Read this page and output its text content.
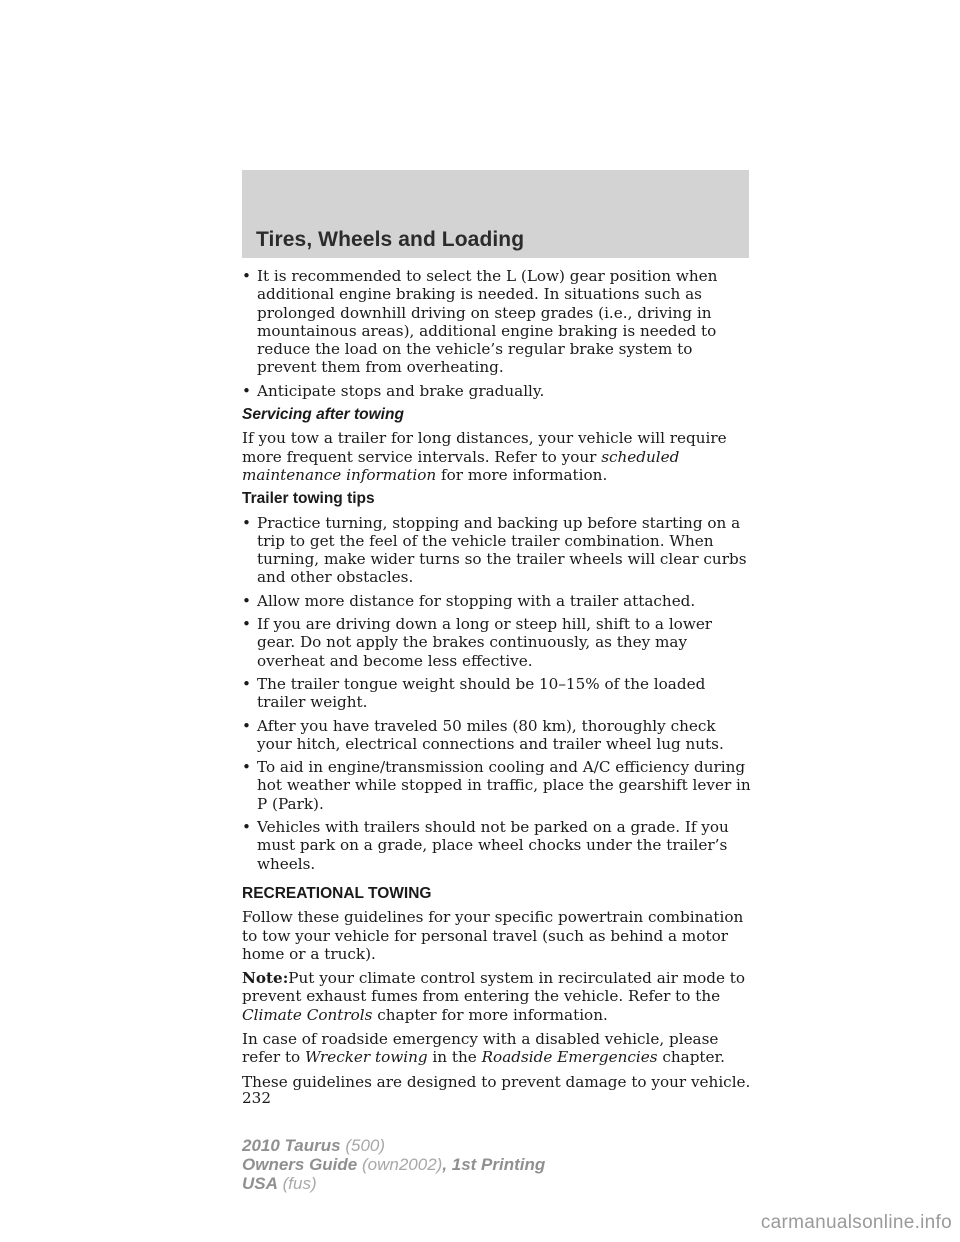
Tires, Wheels and Loading
• It is recommended to select the L (Low) gear position when additional engine braking is needed. In situations such as prolonged downhill driving on steep grades (i.e., driving in mountainous areas), additional engine braking is needed to reduce the load on the vehicle’s regular brake system to prevent them from overheating.
• Anticipate stops and brake gradually.
Servicing after towing

If you tow a trailer for long distances, your vehicle will require more frequent service intervals. Refer to your scheduled maintenance information for more information.

Trailer towing tips
• Practice turning, stopping and backing up before starting on a trip to get the feel of the vehicle trailer combination. When turning, make wider turns so the trailer wheels will clear curbs and other obstacles.
• Allow more distance for stopping with a trailer attached.
• If you are driving down a long or steep hill, shift to a lower gear. Do not apply the brakes continuously, as they may overheat and become less effective.
• The trailer tongue weight should be 10–15% of the loaded trailer weight.
• After you have traveled 50 miles (80 km), thoroughly check your hitch, electrical connections and trailer wheel lug nuts.
• To aid in engine/transmission cooling and A/C efficiency during hot weather while stopped in traffic, place the gearshift lever in P (Park).
• Vehicles with trailers should not be parked on a grade. If you must park on a grade, place wheel chocks under the trailer’s wheels.
RECREATIONAL TOWING

Follow these guidelines for your specific powertrain combination to tow your vehicle for personal travel (such as behind a motor home or a truck).

Note:Put your climate control system in recirculated air mode to prevent exhaust fumes from entering the vehicle. Refer to the Climate Controls chapter for more information.

In case of roadside emergency with a disabled vehicle, please refer to Wrecker towing in the Roadside Emergencies chapter.

These guidelines are designed to prevent damage to your vehicle.

232
2010 Taurus (500)
Owners Guide (own2002), 1st Printing
USA (fus)
carmanualsonline.info
